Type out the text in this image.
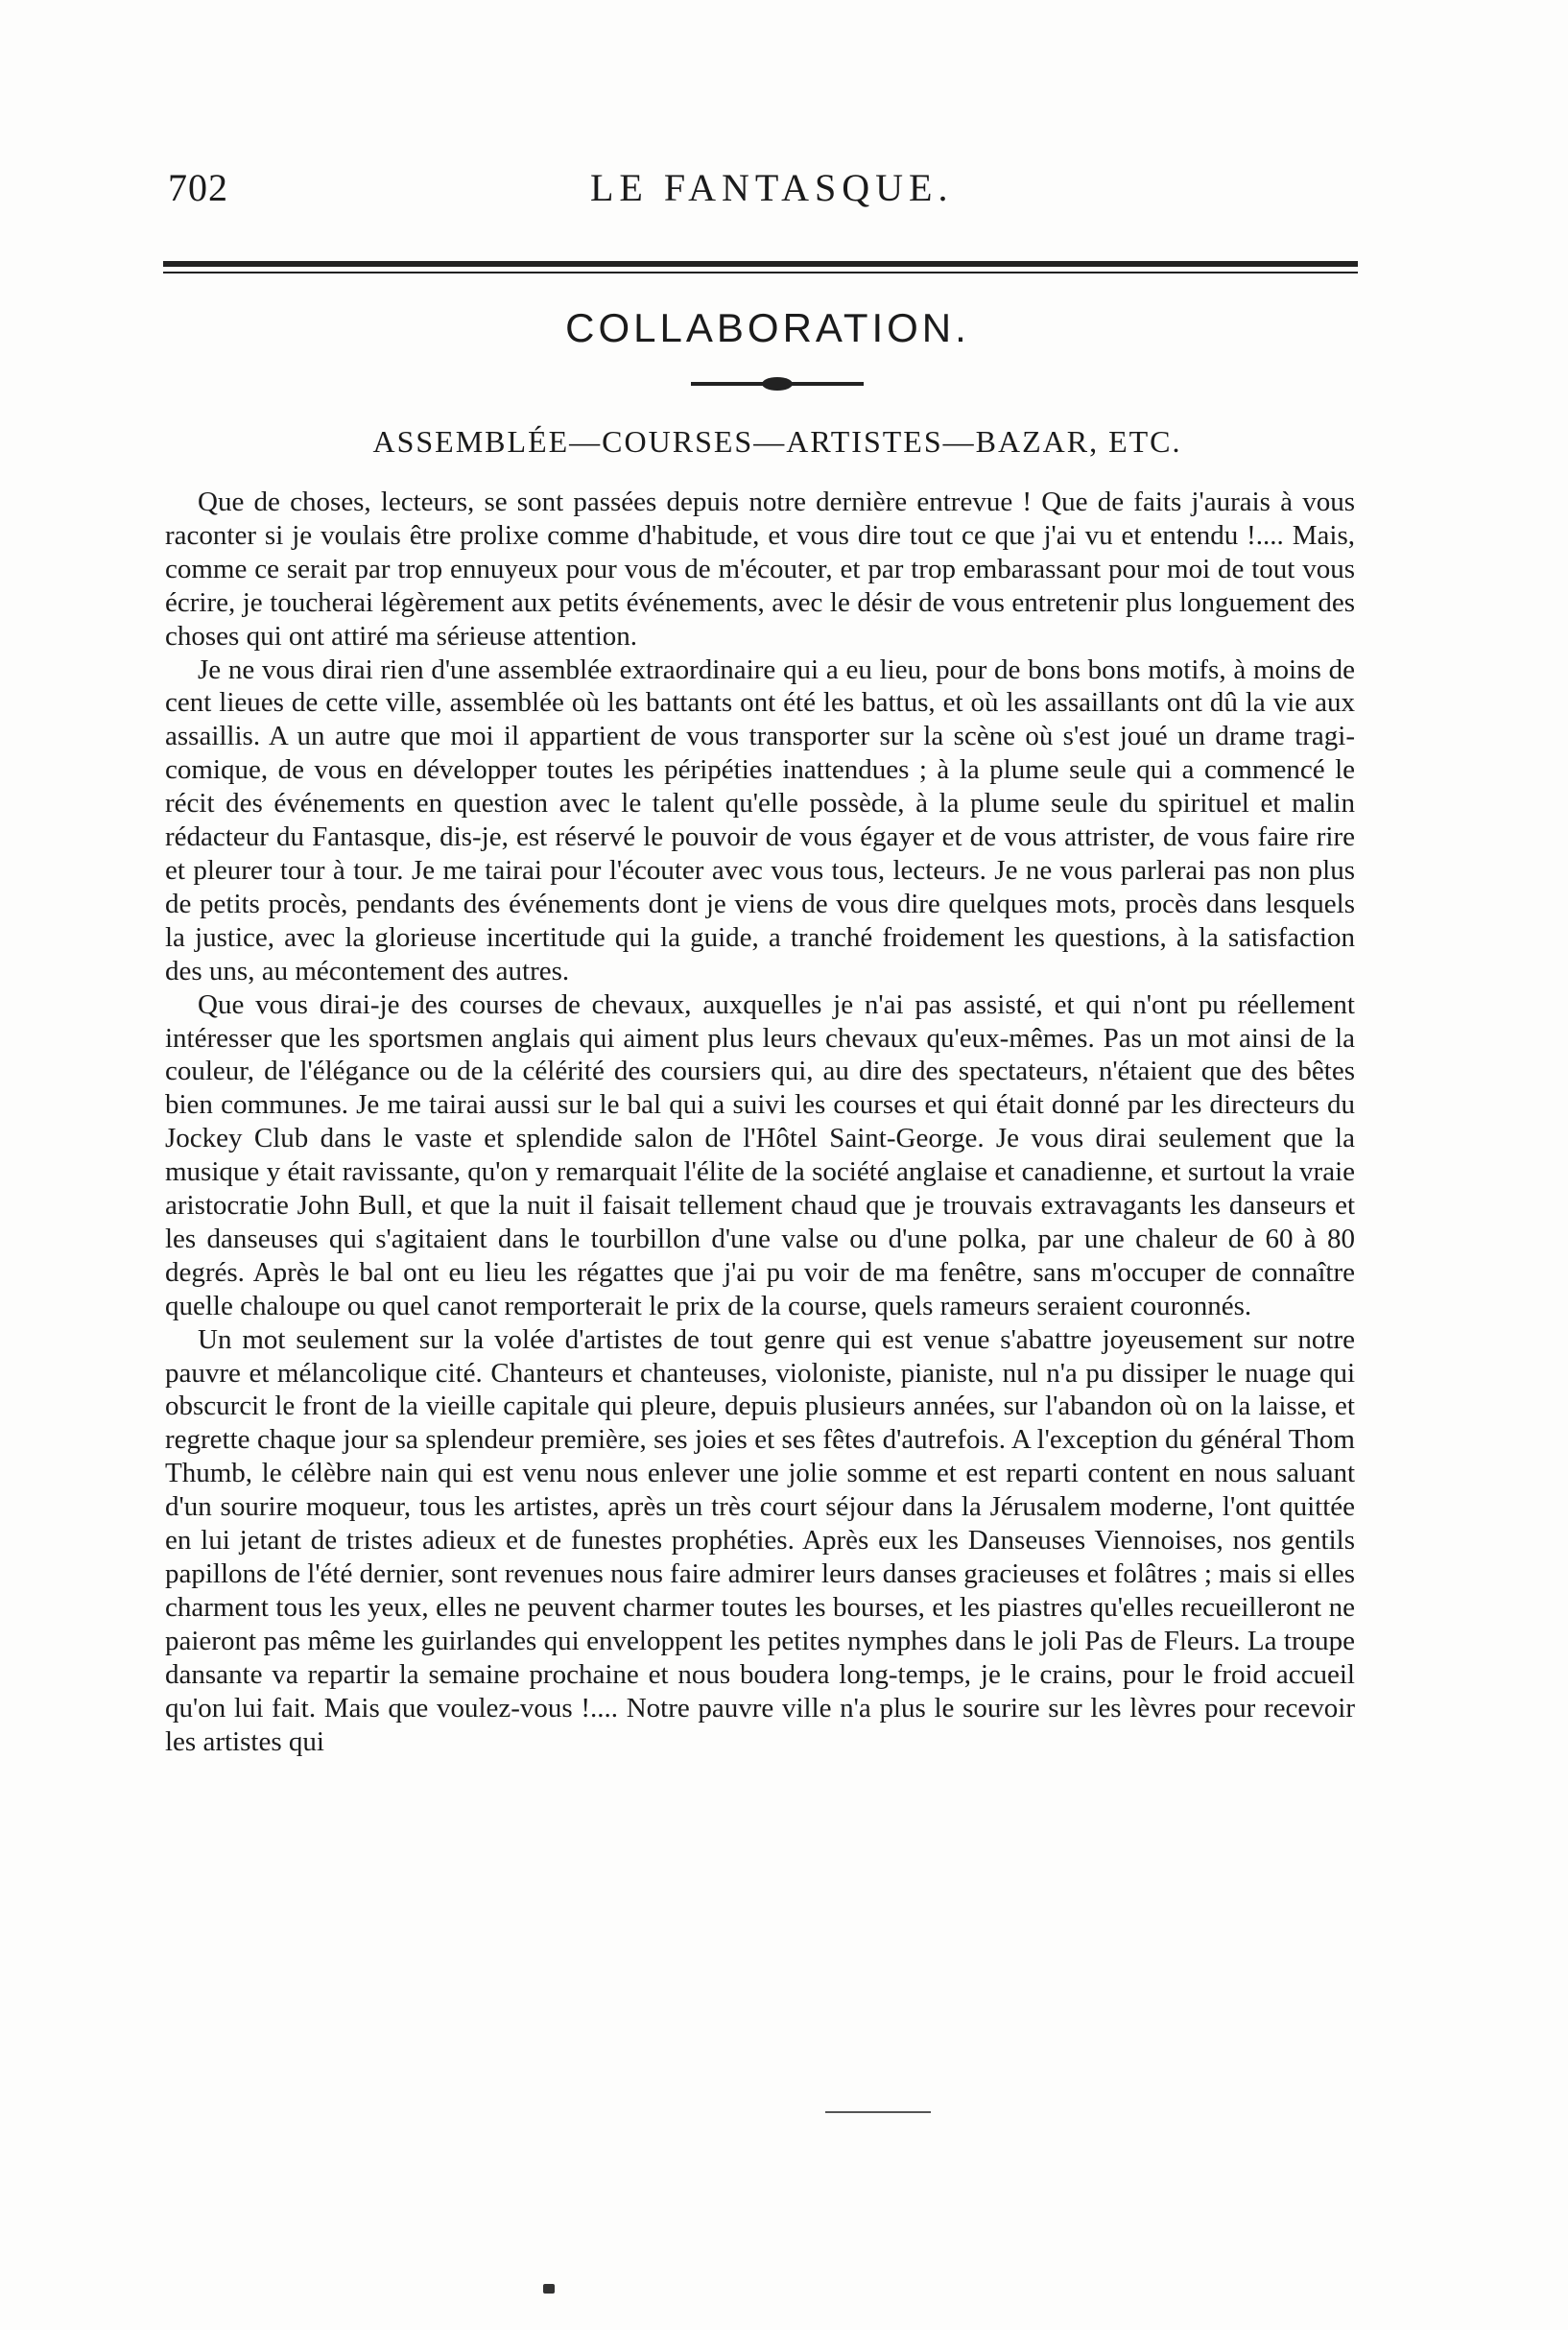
702	LE FANTASQUE.
COLLABORATION.
ASSEMBLÉE—COURSES—ARTISTES—BAZAR, ETC.

Que de choses, lecteurs, se sont passées depuis notre dernière entrevue ! Que de faits j'aurais à vous raconter si je voulais être prolixe comme d'habitude, et vous dire tout ce que j'ai vu et entendu !.... Mais, comme ce serait par trop ennuyeux pour vous de m'écouter, et par trop embarassant pour moi de tout vous écrire, je toucherai légèrement aux petits événements, avec le désir de vous entretenir plus longuement des choses qui ont attiré ma sérieuse attention.

Je ne vous dirai rien d'une assemblée extraordinaire qui a eu lieu, pour de bons bons motifs, à moins de cent lieues de cette ville, assemblée où les battants ont été les battus, et où les assaillants ont dû la vie aux assaillis. A un autre que moi il appartient de vous transporter sur la scène où s'est joué un drame tragi-comique, de vous en développer toutes les péripéties inattendues ; à la plume seule qui a commencé le récit des événements en question avec le talent qu'elle possède, à la plume seule du spirituel et malin rédacteur du Fantasque, dis-je, est réservé le pouvoir de vous égayer et de vous attrister, de vous faire rire et pleurer tour à tour. Je me tairai pour l'écouter avec vous tous, lecteurs. Je ne vous parlerai pas non plus de petits procès, pendants des événements dont je viens de vous dire quelques mots, procès dans lesquels la justice, avec la glorieuse incertitude qui la guide, a tranché froidement les questions, à la satisfaction des uns, au mécontement des autres.

Que vous dirai-je des courses de chevaux, auxquelles je n'ai pas assisté, et qui n'ont pu réellement intéresser que les sportsmen anglais qui aiment plus leurs chevaux qu'eux-mêmes. Pas un mot ainsi de la couleur, de l'élégance ou de la célérité des coursiers qui, au dire des spectateurs, n'étaient que des bêtes bien communes. Je me tairai aussi sur le bal qui a suivi les courses et qui était donné par les directeurs du Jockey Club dans le vaste et splendide salon de l'Hôtel Saint-George. Je vous dirai seulement que la musique y était ravissante, qu'on y remarquait l'élite de la société anglaise et canadienne, et surtout la vraie aristocratie John Bull, et que la nuit il faisait tellement chaud que je trouvais extravagants les danseurs et les danseuses qui s'agitaient dans le tourbillon d'une valse ou d'une polka, par une chaleur de 60 à 80 degrés. Après le bal ont eu lieu les régattes que j'ai pu voir de ma fenêtre, sans m'occuper de connaître quelle chaloupe ou quel canot remporterait le prix de la course, quels rameurs seraient couronnés.

Un mot seulement sur la volée d'artistes de tout genre qui est venue s'abattre joyeusement sur notre pauvre et mélancolique cité. Chanteurs et chanteuses, violoniste, pianiste, nul n'a pu dissiper le nuage qui obscurcit le front de la vieille capitale qui pleure, depuis plusieurs années, sur l'abandon où on la laisse, et regrette chaque jour sa splendeur première, ses joies et ses fêtes d'autrefois. A l'exception du général Thom Thumb, le célèbre nain qui est venu nous enlever une jolie somme et est reparti content en nous saluant d'un sourire moqueur, tous les artistes, après un très court séjour dans la Jérusalem moderne, l'ont quittée en lui jetant de tristes adieux et de funestes prophéties. Après eux les Danseuses Viennoises, nos gentils papillons de l'été dernier, sont revenues nous faire admirer leurs danses gracieuses et folâtres ; mais si elles charment tous les yeux, elles ne peuvent charmer toutes les bourses, et les piastres qu'elles recueilleront ne paieront pas même les guirlandes qui enveloppent les petites nymphes dans le joli Pas de Fleurs. La troupe dansante va repartir la semaine prochaine et nous boudera long-temps, je le crains, pour le froid accueil qu'on lui fait. Mais que voulez-vous !.... Notre pauvre ville n'a plus le sourire sur les lèvres pour recevoir les artistes qui
